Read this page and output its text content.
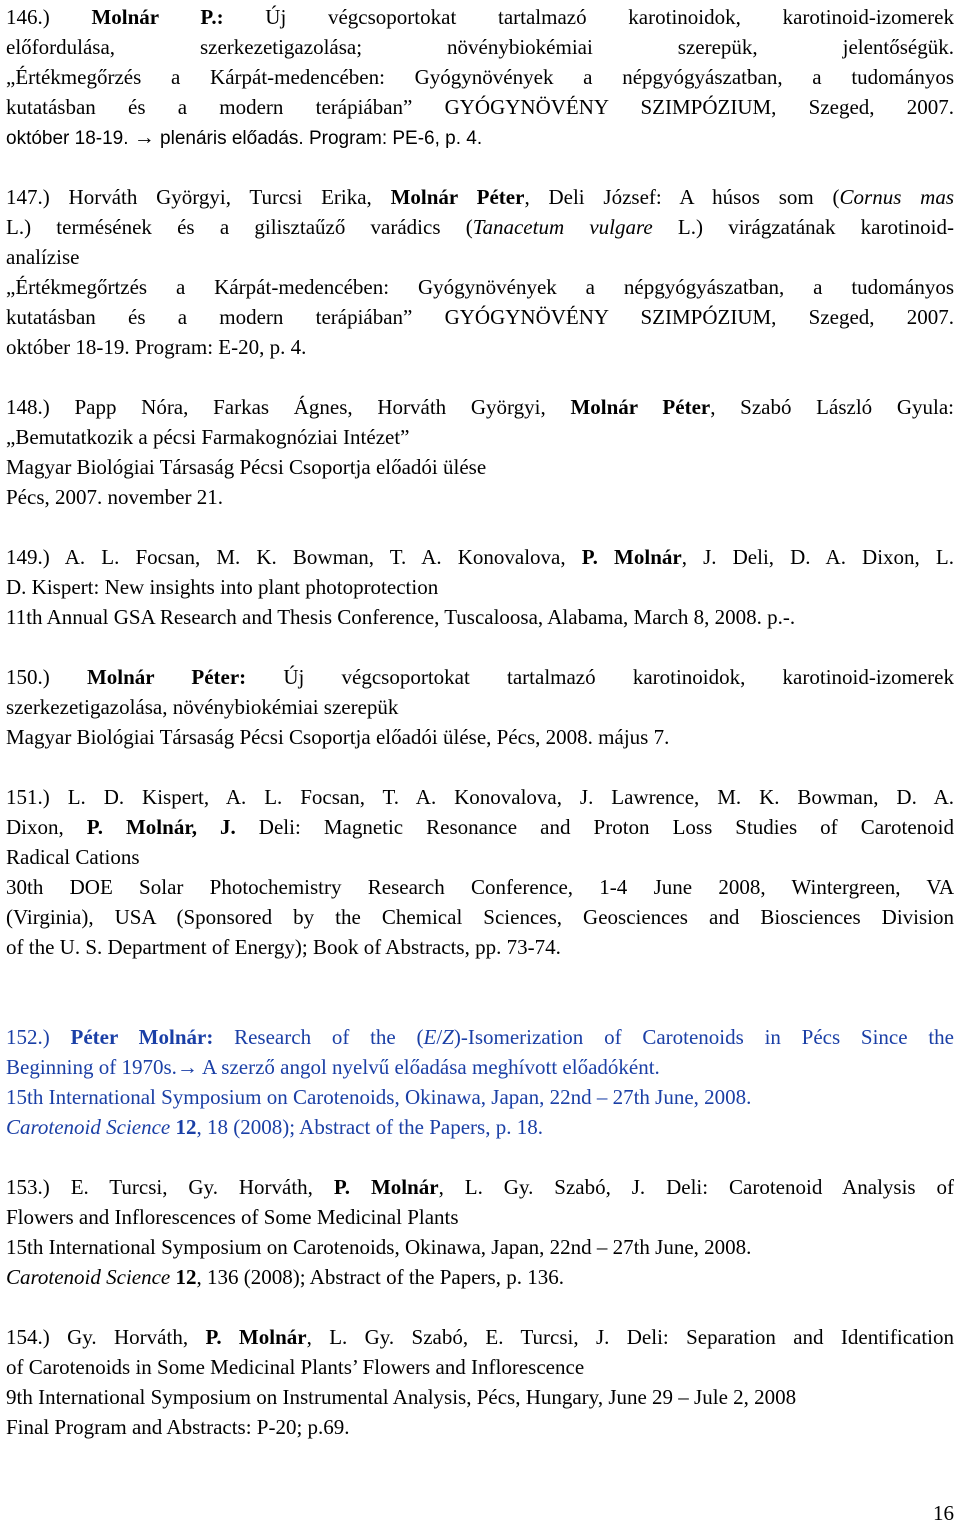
146.) Molnár P.: Új végcsoportokat tartalmazó karotinoidok, karotinoid-izomerek
előfordulása, szerkezetigazolása; növénybiokémiai szerepük, jelentőségük.
„Értékmegőrzés a Kárpát-medencében: Gyógynövények a népgyógyászatban, a tudományos
kutatásban és a modern terápiában” GYÓGYNÖVÉNY SZIMPÓZIUM, Szeged, 2007.
október 18-19. → plenáris előadás. Program: PE-6, p. 4.
147.) Horváth Györgyi, Turcsi Erika, Molnár Péter, Deli József: A húsos som (Cornus mas
L.) termésének és a gilisztaűző varádics (Tanacetum vulgare L.) virágzatának karotinoid-
analízise
„Értékmegőrtzés a Kárpát-medencében: Gyógynövények a népgyógyászatban, a tudományos
kutatásban és a modern terápiában” GYÓGYNÖVÉNY SZIMPÓZIUM, Szeged, 2007.
október 18-19. Program: E-20, p. 4.
148.) Papp Nóra, Farkas Ágnes, Horváth Györgyi, Molnár Péter, Szabó László Gyula:
„Bemutatkozik a pécsi Farmakognóziai Intézet”
Magyar Biológiai Társaság Pécsi Csoportja előadói ülése
Pécs, 2007. november 21.
149.) A. L. Focsan, M. K. Bowman, T. A. Konovalova, P. Molnár, J. Deli, D. A. Dixon, L.
D. Kispert: New insights into plant photoprotection
11th Annual GSA Research and Thesis Conference, Tuscaloosa, Alabama, March 8, 2008. p.-.
150.) Molnár Péter: Új végcsoportokat tartalmazó karotinoidok, karotinoid-izomerek
szerkezetigazolása, növénybiokémiai szerepük
Magyar Biológiai Társaság Pécsi Csoportja előadói ülése, Pécs, 2008. május 7.
151.) L. D. Kispert, A. L. Focsan, T. A. Konovalova, J. Lawrence, M. K. Bowman, D. A.
Dixon, P. Molnár, J. Deli: Magnetic Resonance and Proton Loss Studies of Carotenoid
Radical Cations
30th DOE Solar Photochemistry Research Conference, 1-4 June 2008, Wintergreen, VA
(Virginia), USA (Sponsored by the Chemical Sciences, Geosciences and Biosciences Division
of the U. S. Department of Energy); Book of Abstracts, pp. 73-74.
152.) Péter Molnár: Research of the (E/Z)-Isomerization of Carotenoids in Pécs Since the
Beginning of 1970s.→ A szerző angol nyelvű előadása meghívott előadóként.
15th International Symposium on Carotenoids, Okinawa, Japan, 22nd – 27th June, 2008.
Carotenoid Science 12, 18 (2008); Abstract of the Papers, p. 18.
153.) E. Turcsi, Gy. Horváth, P. Molnár, L. Gy. Szabó, J. Deli: Carotenoid Analysis of
Flowers and Inflorescences of Some Medicinal Plants
15th International Symposium on Carotenoids, Okinawa, Japan, 22nd – 27th June, 2008.
Carotenoid Science 12, 136 (2008); Abstract of the Papers, p. 136.
154.) Gy. Horváth, P. Molnár, L. Gy. Szabó, E. Turcsi, J. Deli: Separation and Identification
of Carotenoids in Some Medicinal Plants’ Flowers and Inflorescence
9th International Symposium on Instrumental Analysis, Pécs, Hungary, June 29 – Jule 2, 2008
Final Program and Abstracts: P-20; p.69.
16
